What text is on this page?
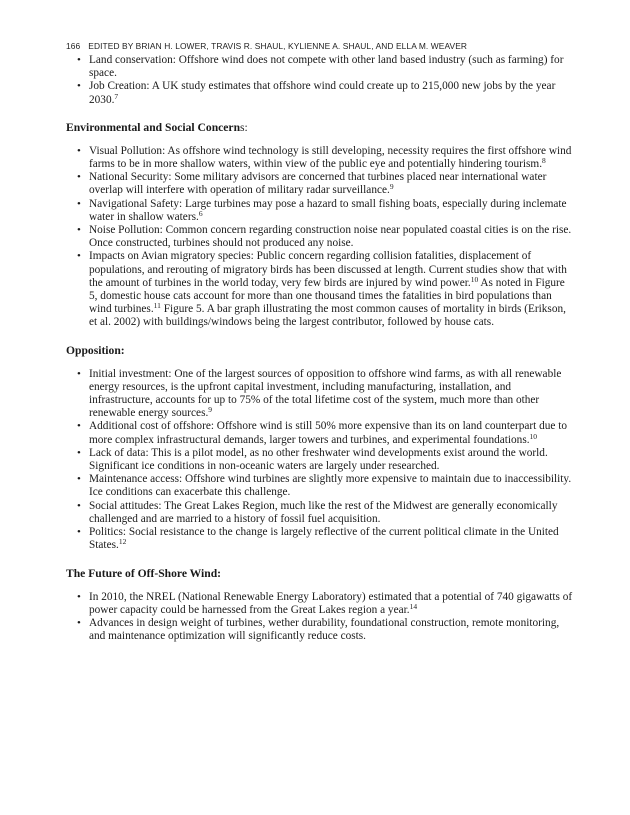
166 EDITED BY BRIAN H. LOWER, TRAVIS R. SHAUL, KYLIENNE A. SHAUL, AND ELLA M. WEAVER
• Land conservation: Offshore wind does not compete with other land based industry (such as farming) for space.
• Job Creation: A UK study estimates that offshore wind could create up to 215,000 new jobs by the year 2030.$^7$
Environmental and Social Concerns:
• Visual Pollution: As offshore wind technology is still developing, necessity requires the first offshore wind farms to be in more shallow waters, within view of the public eye and potentially hindering tourism.$^8$
• National Security: Some military advisors are concerned that turbines placed near international water overlap will interfere with operation of military radar surveillance.$^9$
• Navigational Safety: Large turbines may pose a hazard to small fishing boats, especially during inclemate water in shallow waters.$^6$
• Noise Pollution: Common concern regarding construction noise near populated coastal cities is on the rise. Once constructed, turbines should not produced any noise.
• Impacts on Avian migratory species: Public concern regarding collision fatalities, displacement of populations, and rerouting of migratory birds has been discussed at length. Current studies show that with the amount of turbines in the world today, very few birds are injured by wind power.$^{10}$ As noted in Figure 5, domestic house cats account for more than one thousand times the fatalities in bird populations than wind turbines.$^{11}$ Figure 5. A bar graph illustrating the most common causes of mortality in birds (Erikson, et al. 2002) with buildings/windows being the largest contributor, followed by house cats.
Opposition:
• Initial investment: One of the largest sources of opposition to offshore wind farms, as with all renewable energy resources, is the upfront capital investment, including manufacturing, installation, and infrastructure, accounts for up to 75% of the total lifetime cost of the system, much more than other renewable energy sources.$^9$
• Additional cost of offshore: Offshore wind is still 50% more expensive than its on land counterpart due to more complex infrastructural demands, larger towers and turbines, and experimental foundations.$^{10}$
• Lack of data: This is a pilot model, as no other freshwater wind developments exist around the world. Significant ice conditions in non-oceanic waters are largely under researched.
• Maintenance access: Offshore wind turbines are slightly more expensive to maintain due to inaccessibility. Ice conditions can exacerbate this challenge.
• Social attitudes: The Great Lakes Region, much like the rest of the Midwest are generally economically challenged and are married to a history of fossil fuel acquisition.
• Politics: Social resistance to the change is largely reflective of the current political climate in the United States.$^{12}$
The Future of Off-Shore Wind:
• In 2010, the NREL (National Renewable Energy Laboratory) estimated that a potential of 740 gigawatts of power capacity could be harnessed from the Great Lakes region a year.$^{14}$
• Advances in design weight of turbines, wether durability, foundational construction, remote monitoring, and maintenance optimization will significantly reduce costs.
